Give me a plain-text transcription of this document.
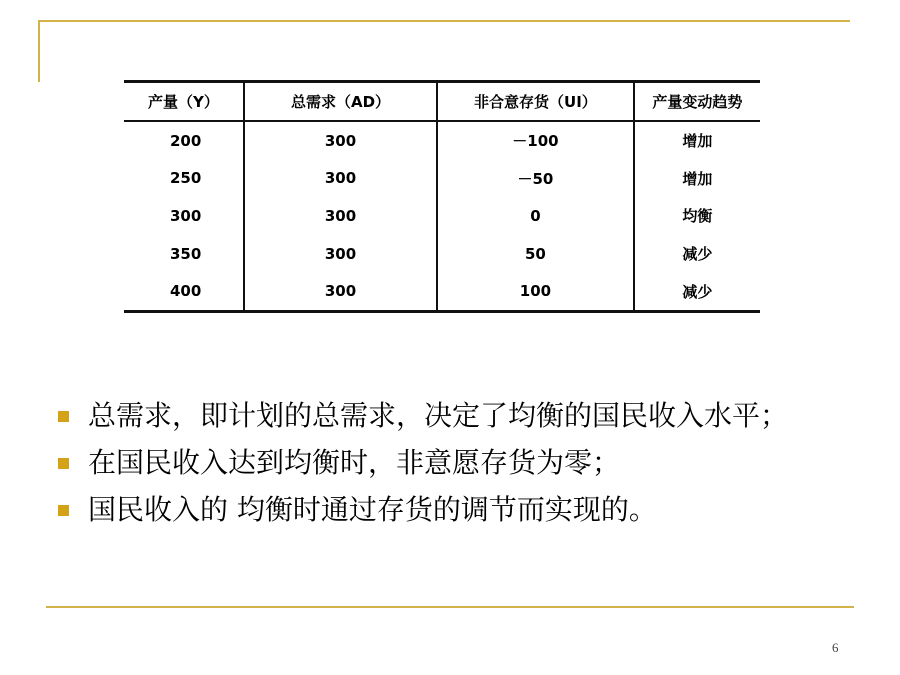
产量（Y）	总需求（AD）	非合意存货（UI）	产量变动趋势
200	300	－100	增加
250	300	－50	增加
300	300	0	均衡
350	300	50	减少
400	300	100	减少
总需求，即计划的总需求，决定了均衡的国民收入水平；
在国民收入达到均衡时，非意愿存货为零；
国民收入的 均衡时通过存货的调节而实现的。
6
